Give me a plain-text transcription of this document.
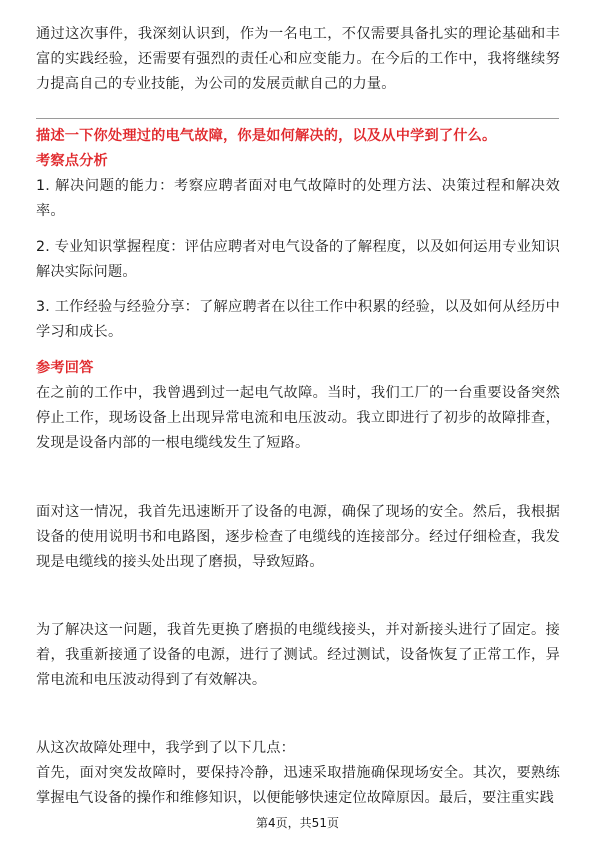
通过这次事件，我深刻认识到，作为一名电工，不仅需要具备扎实的理论基础和丰富的实践经验，还需要有强烈的责任心和应变能力。在今后的工作中，我将继续努力提高自己的专业技能，为公司的发展贡献自己的力量。

描述一下你处理过的电气故障，你是如何解决的，以及从中学到了什么。

考察点分析

1. 解决问题的能力：考察应聘者面对电气故障时的处理方法、决策过程和解决效率。

2. 专业知识掌握程度：评估应聘者对电气设备的了解程度，以及如何运用专业知识解决实际问题。

3. 工作经验与经验分享：了解应聘者在以往工作中积累的经验，以及如何从经历中学习和成长。

参考回答

在之前的工作中，我曾遇到过一起电气故障。当时，我们工厂的一台重要设备突然停止工作，现场设备上出现异常电流和电压波动。我立即进行了初步的故障排查，发现是设备内部的一根电缆线发生了短路。

面对这一情况，我首先迅速断开了设备的电源，确保了现场的安全。然后，我根据设备的使用说明书和电路图，逐步检查了电缆线的连接部分。经过仔细检查，我发现是电缆线的接头处出现了磨损，导致短路。

为了解决这一问题，我首先更换了磨损的电缆线接头，并对新接头进行了固定。接着，我重新接通了设备的电源，进行了测试。经过测试，设备恢复了正常工作，异常电流和电压波动得到了有效解决。

从这次故障处理中，我学到了以下几点：

首先，面对突发故障时，要保持冷静，迅速采取措施确保现场安全。其次，要熟练掌握电气设备的操作和维修知识，以便能够快速定位故障原因。最后，要注重实践

第4页，共51页
